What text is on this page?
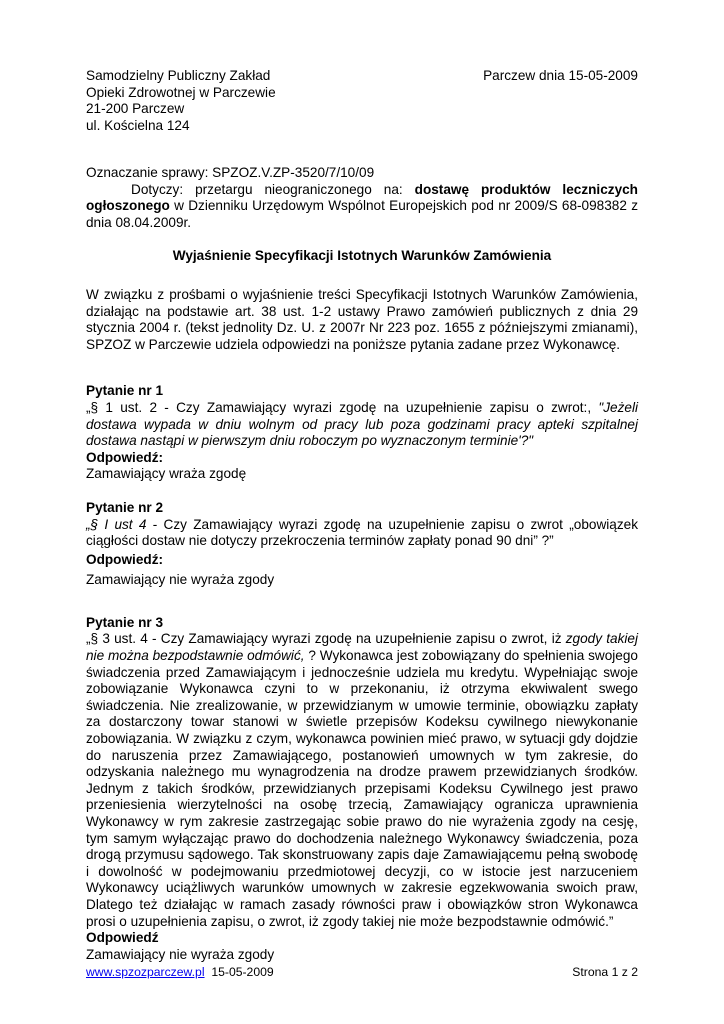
Samodzielny Publiczny Zakład
Opieki Zdrowotnej w Parczewie
21-200 Parczew
ul. Kościelna 124
Parczew dnia 15-05-2009

Oznaczanie sprawy: SPZOZ.V.ZP-3520/7/10/09

Dotyczy: przetargu nieograniczonego na: dostawę produktów leczniczych ogłoszonego w Dzienniku Urzędowym Wspólnot Europejskich pod nr 2009/S 68-098382 z dnia 08.04.2009r.

Wyjaśnienie Specyfikacji Istotnych Warunków Zamówienia
W związku z prośbami o wyjaśnienie treści Specyfikacji Istotnych Warunków Zamówienia, działając na podstawie art. 38 ust. 1-2 ustawy Prawo zamówień publicznych z dnia 29 stycznia 2004 r. (tekst jednolity Dz. U. z 2007r Nr 223 poz. 1655 z późniejszymi zmianami), SPZOZ w Parczewie udziela odpowiedzi na poniższe pytania zadane przez Wykonawcę.
Pytanie nr 1
„§ 1 ust. 2 - Czy Zamawiający wyrazi zgodę na uzupełnienie zapisu o zwrot:, "Jeżeli dostawa wypada w dniu wolnym od pracy lub poza godzinami pracy apteki szpitalnej dostawa nastąpi w pierwszym dniu roboczym po wyznaczonym terminie'?"
Odpowiedź:
Zamawiający wraża zgodę
Pytanie nr 2
„§ I ust 4 - Czy Zamawiający wyrazi zgodę na uzupełnienie zapisu o zwrot „obowiązek ciągłości dostaw nie dotyczy przekroczenia terminów zapłaty ponad 90 dni” ?”
Odpowiedź:
Zamawiający nie wyraża zgody
Pytanie nr 3
„§ 3 ust. 4 - Czy Zamawiający wyrazi zgodę na uzupełnienie zapisu o zwrot, iż zgody takiej nie można bezpodstawnie odmówić, ? Wykonawca jest zobowiązany do spełnienia swojego świadczenia przed Zamawiającym i jednocześnie udziela mu kredytu. Wypełniając swoje zobowiązanie Wykonawca czyni to w przekonaniu, iż otrzyma ekwiwalent swego świadczenia. Nie zrealizowanie, w przewidzianym w umowie terminie, obowiązku zapłaty za dostarczony towar stanowi w świetle przepisów Kodeksu cywilnego niewykonanie zobowiązania. W związku z czym, wykonawca powinien mieć prawo, w sytuacji gdy dojdzie do naruszenia przez Zamawiającego, postanowień umownych w tym zakresie, do odzyskania należnego mu wynagrodzenia na drodze prawem przewidzianych środków. Jednym z takich środków, przewidzianych przepisami Kodeksu Cywilnego jest prawo przeniesienia wierzytelności na osobę trzecią, Zamawiający ogranicza uprawnienia Wykonawcy w rym zakresie zastrzegając sobie prawo do nie wyrażenia zgody na cesję, tym samym wyłączając prawo do dochodzenia należnego Wykonawcy świadczenia, poza drogą przymusu sądowego. Tak skonstruowany zapis daje Zamawiającemu pełną swobodę i dowolność w podejmowaniu przedmiotowej decyzji, co w istocie jest narzuceniem Wykonawcy uciążliwych warunków umownych w zakresie egzekwowania swoich praw, Dlatego też działając w ramach zasady równości praw i obowiązków stron Wykonawca prosi o uzupełnienia zapisu, o zwrot, iż zgody takiej nie może bezpodstawnie odmówić.”
Odpowiedź
Zamawiający nie wyraża zgody
www.spzozparczew.pl 15-05-2009	Strona 1 z 2
